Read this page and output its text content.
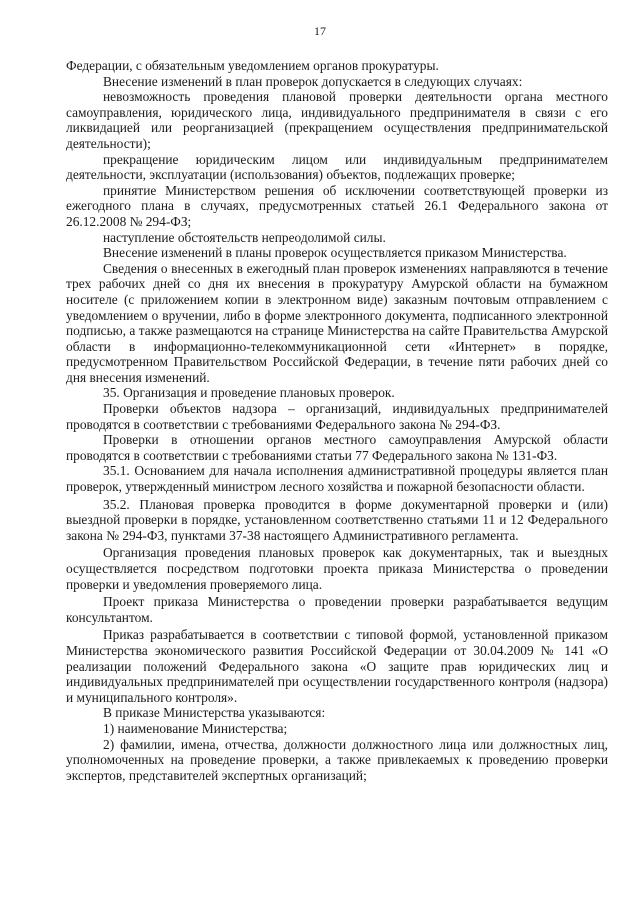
17

Федерации, с обязательным уведомлением органов прокуратуры.

Внесение изменений в план проверок допускается в следующих случаях:

невозможность проведения плановой проверки деятельности органа местного самоуправления, юридического лица, индивидуального предпринимателя в связи с его ликвидацией или реорганизацией (прекращением осуществления предпринимательской деятельности);

прекращение юридическим лицом или индивидуальным предпринимателем деятельности, эксплуатации (использования) объектов, подлежащих проверке;

принятие Министерством решения об исключении соответствующей проверки из ежегодного плана в случаях, предусмотренных статьей 26.1 Федерального закона от 26.12.2008 № 294-ФЗ;

наступление обстоятельств непреодолимой силы.

Внесение изменений в планы проверок осуществляется приказом Министерства.

Сведения о внесенных в ежегодный план проверок изменениях направляются в течение трех рабочих дней со дня их внесения в прокуратуру Амурской области на бумажном носителе (с приложением копии в электронном виде) заказным почтовым отправлением с уведомлением о вручении, либо в форме электронного документа, подписанного электронной подписью, а также размещаются на странице Министерства на сайте Правительства Амурской области в информационно-телекоммуникационной сети «Интернет» в порядке, предусмотренном Правительством Российской Федерации, в течение пяти рабочих дней со дня внесения изменений.

35. Организация и проведение плановых проверок.

Проверки объектов надзора – организаций, индивидуальных предпринимателей проводятся в соответствии с требованиями Федерального закона № 294-ФЗ.

Проверки в отношении органов местного самоуправления Амурской области проводятся в соответствии с требованиями статьи 77 Федерального закона № 131-ФЗ.

35.1. Основанием для начала исполнения административной процедуры является план проверок, утвержденный министром лесного хозяйства и пожарной безопасности области.

35.2. Плановая проверка проводится в форме документарной проверки и (или) выездной проверки в порядке, установленном соответственно статьями 11 и 12 Федерального закона № 294-ФЗ, пунктами 37-38 настоящего Административного регламента.

Организация проведения плановых проверок как документарных, так и выездных осуществляется посредством подготовки проекта приказа Министерства о проведении проверки и уведомления проверяемого лица.

Проект приказа Министерства о проведении проверки разрабатывается ведущим консультантом.

Приказ разрабатывается в соответствии с типовой формой, установленной приказом Министерства экономического развития Российской Федерации от 30.04.2009 № 141 «О реализации положений Федерального закона «О защите прав юридических лиц и индивидуальных предпринимателей при осуществлении государственного контроля (надзора) и муниципального контроля».

В приказе Министерства указываются:

1) наименование Министерства;

2) фамилии, имена, отчества, должности должностного лица или должностных лиц, уполномоченных на проведение проверки, а также привлекаемых к проведению проверки экспертов, представителей экспертных организаций;
